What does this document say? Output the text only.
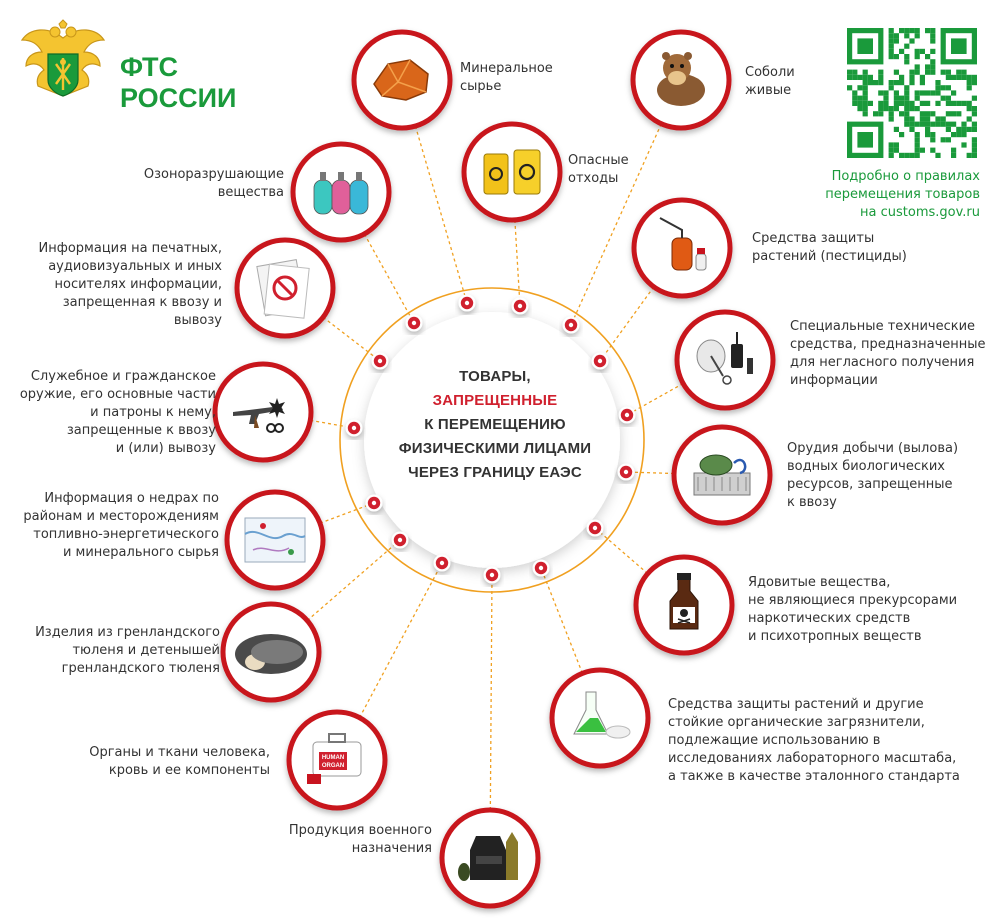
HUMAN
ORGAN
ФТС
РОССИИ
Подробно о правилах
перемещения товаров
на customs.gov.ru
ТОВАРЫ,
ЗАПРЕЩЕННЫЕ
К ПЕРЕМЕЩЕНИЮ
ФИЗИЧЕСКИМИ ЛИЦАМИ
ЧЕРЕЗ ГРАНИЦУ ЕАЭС
Минеральное
сырье
Опасные
отходы
Соболи
живые
Озоноразрушающие
вещества
Средства защиты
растений (пестициды)
Информация на печатных,
аудиовизуальных и иных
носителях информации,
запрещенная к ввозу и
вывозу	Специальные технические
средства, предназначенные
для негласного получения
информации
Служебное и гражданское
оружие, его основные части
и патроны к нему,
запрещенные к ввозу
и (или) вывозу	Орудия добычи (вылова)
водных биологических
ресурсов, запрещенные
к ввозу
Информация о недрах по
районам и месторождениям
топливно-энергетического
и минерального сырья
Ядовитые вещества,
не являющиеся прекурсорами
наркотических средств
и психотропных веществ
Изделия из гренландского
тюленя и детенышей
гренландского тюленя
Средства защиты растений и другие
стойкие органические загрязнители,
подлежащие использованию в
исследованиях лабораторного масштаба,
а также в качестве эталонного стандарта
Органы и ткани человека,
кровь и ее компоненты
Продукция военного
назначения
